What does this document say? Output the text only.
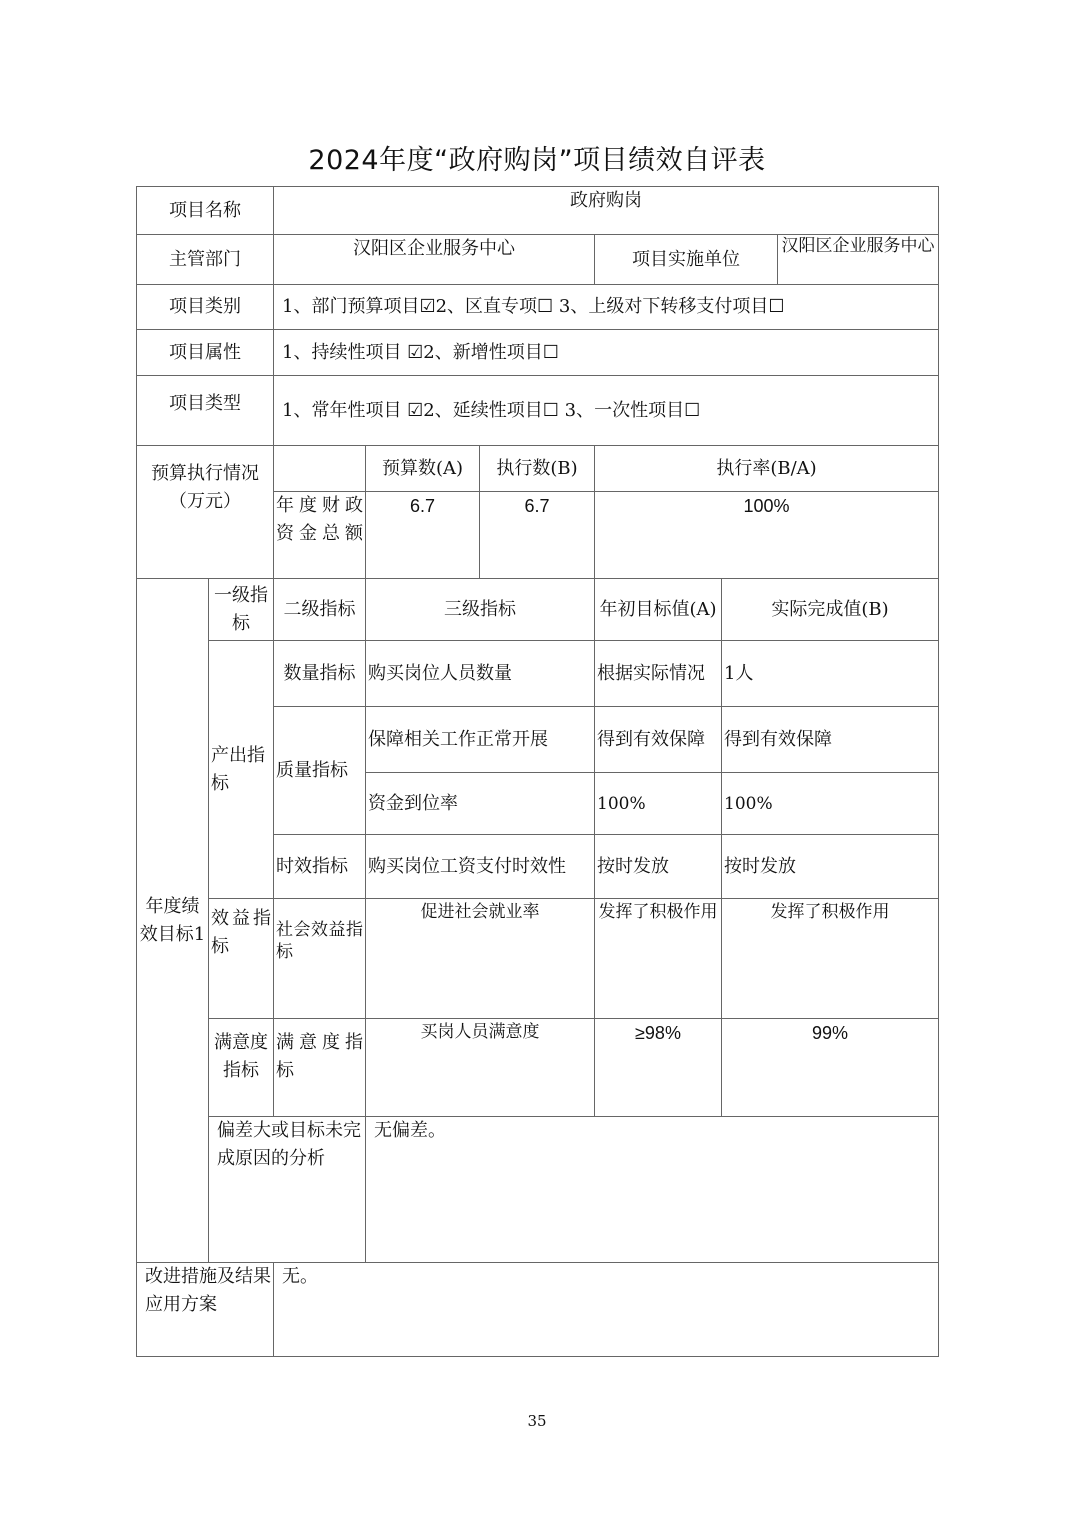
2024年度“政府购岗”项目绩效自评表
项目名称		政府购岗					
主管部门		汉阳区企业服务中心			项目实施单位		汉阳区企业服务中心
项目类别		1、部门预算项目☑2、区直专项☐ 3、上级对下转移支付项目☐					
项目属性		1、持续性项目 ☑2、新增性项目☐					
项目类型		1、常年性项目 ☑2、延续性项目☐ 3、一次性项目☐					
预算执行情况（万元）			预算数(A)	执行数(B)	执行率(B/A)		
		年度财政资金总额	6.7	6.7	100%		
年度绩效目标1	一级指标	二级指标	三级指标		年初目标值(A)	实际完成值(B)	
	产出指标	数量指标	购买岗位人员数量		根据实际情况	1人	
		质量指标	保障相关工作正常开展		得到有效保障	得到有效保障	
			资金到位率		100%	100%	
		时效指标	购买岗位工资支付时效性		按时发放	按时发放	
	效益指标	社会效益指标	促进社会就业率		发挥了积极作用	发挥了积极作用	
	满意度指标	满意度指标	买岗人员满意度		≥98%	99%	
	偏差大或目标未完成原因的分析		无偏差。				
改进措施及结果应用方案		无。					
35
